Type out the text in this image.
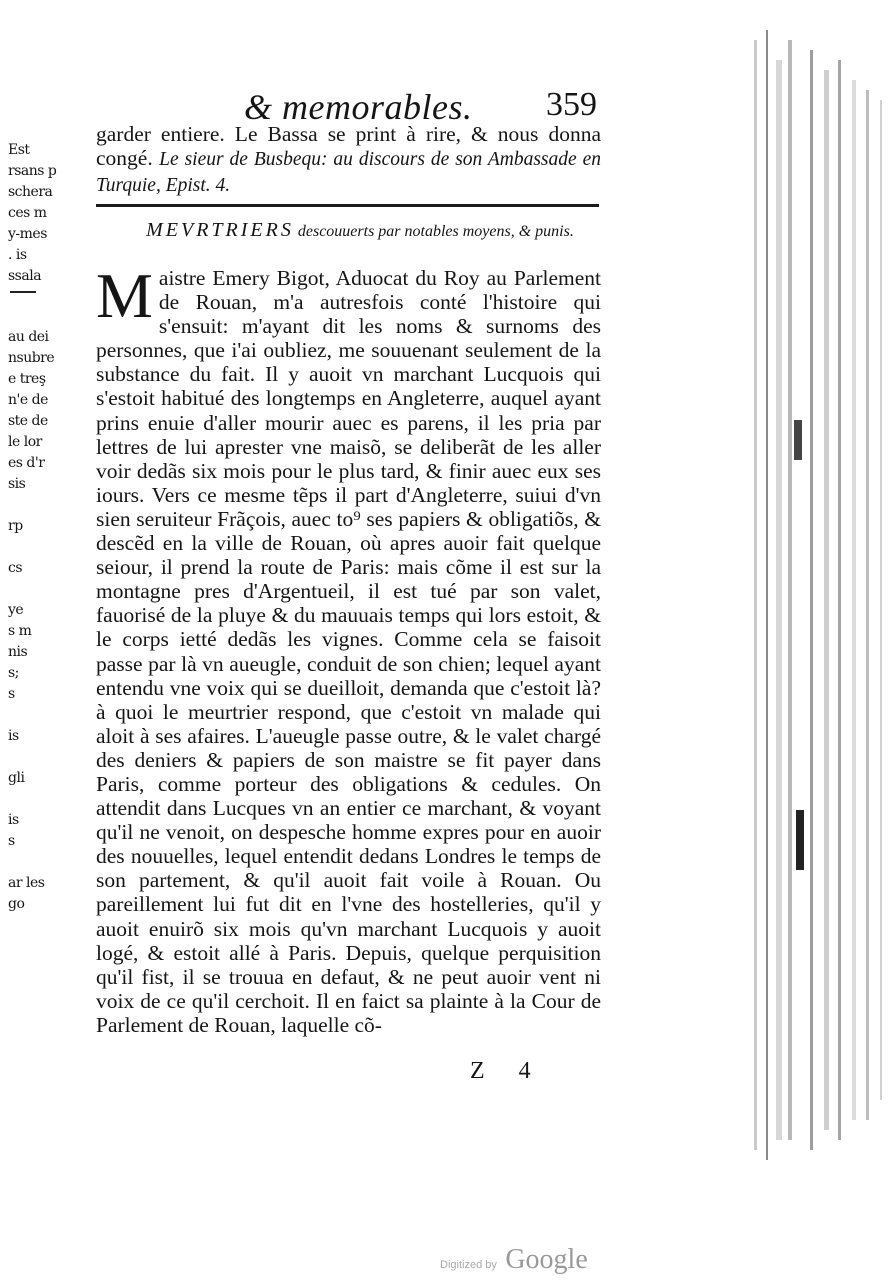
Est
rsans p
schera
ces m
y-mes
. is
ssala
au dei
nsubre
e treş
n'e de
ste de
le lor
es d'r
sis
rp
cs
ye
s m
nis
s;
s
is
gli
is
s
ar les
go
& memorables. 359
garder entiere. Le Bassa se print à rire, & nous donna congé. Le sieur de Busbequ: au discours de son Ambassade en Turquie, Epist. 4.
MEVRTRIERS descouuerts par notables moyens, & punis.
M aistre Emery Bigot, Aduocat du Roy au Parlement de Rouan, m'a autresfois conté l'histoire qui s'ensuit: m'ayant dit les noms & surnoms des personnes, que i'ai oubliez, me souuenant seulement de la substance du fait. Il y auoit vn marchant Lucquois qui s'estoit habitué des longtemps en Angleterre, auquel ayant prins enuie d'aller mourir auec es parens, il les pria par lettres de lui aprester vne maisõ, se deliberãt de les aller voir dedãs six mois pour le plus tard, & finir auec eux ses iours. Vers ce mesme tẽps il part d'Angleterre, suiui d'vn sien seruiteur Frãçois, auec to⁹ ses papiers & obligatiõs, & descẽd en la ville de Rouan, où apres auoir fait quelque seiour, il prend la route de Paris: mais cõme il est sur la montagne pres d'Argentueil, il est tué par son valet, fauorisé de la pluye & du mauuais temps qui lors estoit, & le corps ietté dedãs les vignes. Comme cela se faisoit passe par là vn aueugle, conduit de son chien; lequel ayant entendu vne voix qui se dueilloit, demanda que c'estoit là? à quoi le meurtrier respond, que c'estoit vn malade qui aloit à ses afaires. L'aueugle passe outre, & le valet chargé des deniers & papiers de son maistre se fit payer dans Paris, comme porteur des obligations & cedules. On attendit dans Lucques vn an entier ce marchant, & voyant qu'il ne venoit, on despesche homme expres pour en auoir des nouuelles, lequel entendit dedans Londres le temps de son partement, & qu'il auoit fait voile à Rouan. Ou pareillement lui fut dit en l'vne des hostelleries, qu'il y auoit enuirõ six mois qu'vn marchant Lucquois y auoit logé, & estoit allé à Paris. Depuis, quelque perquisition qu'il fist, il se trouua en defaut, & ne peut auoir vent ni voix de ce qu'il cerchoit. Il en faict sa plainte à la Cour de Parlement de Rouan, laquelle cõ-

Z 4
Digitized by Google
